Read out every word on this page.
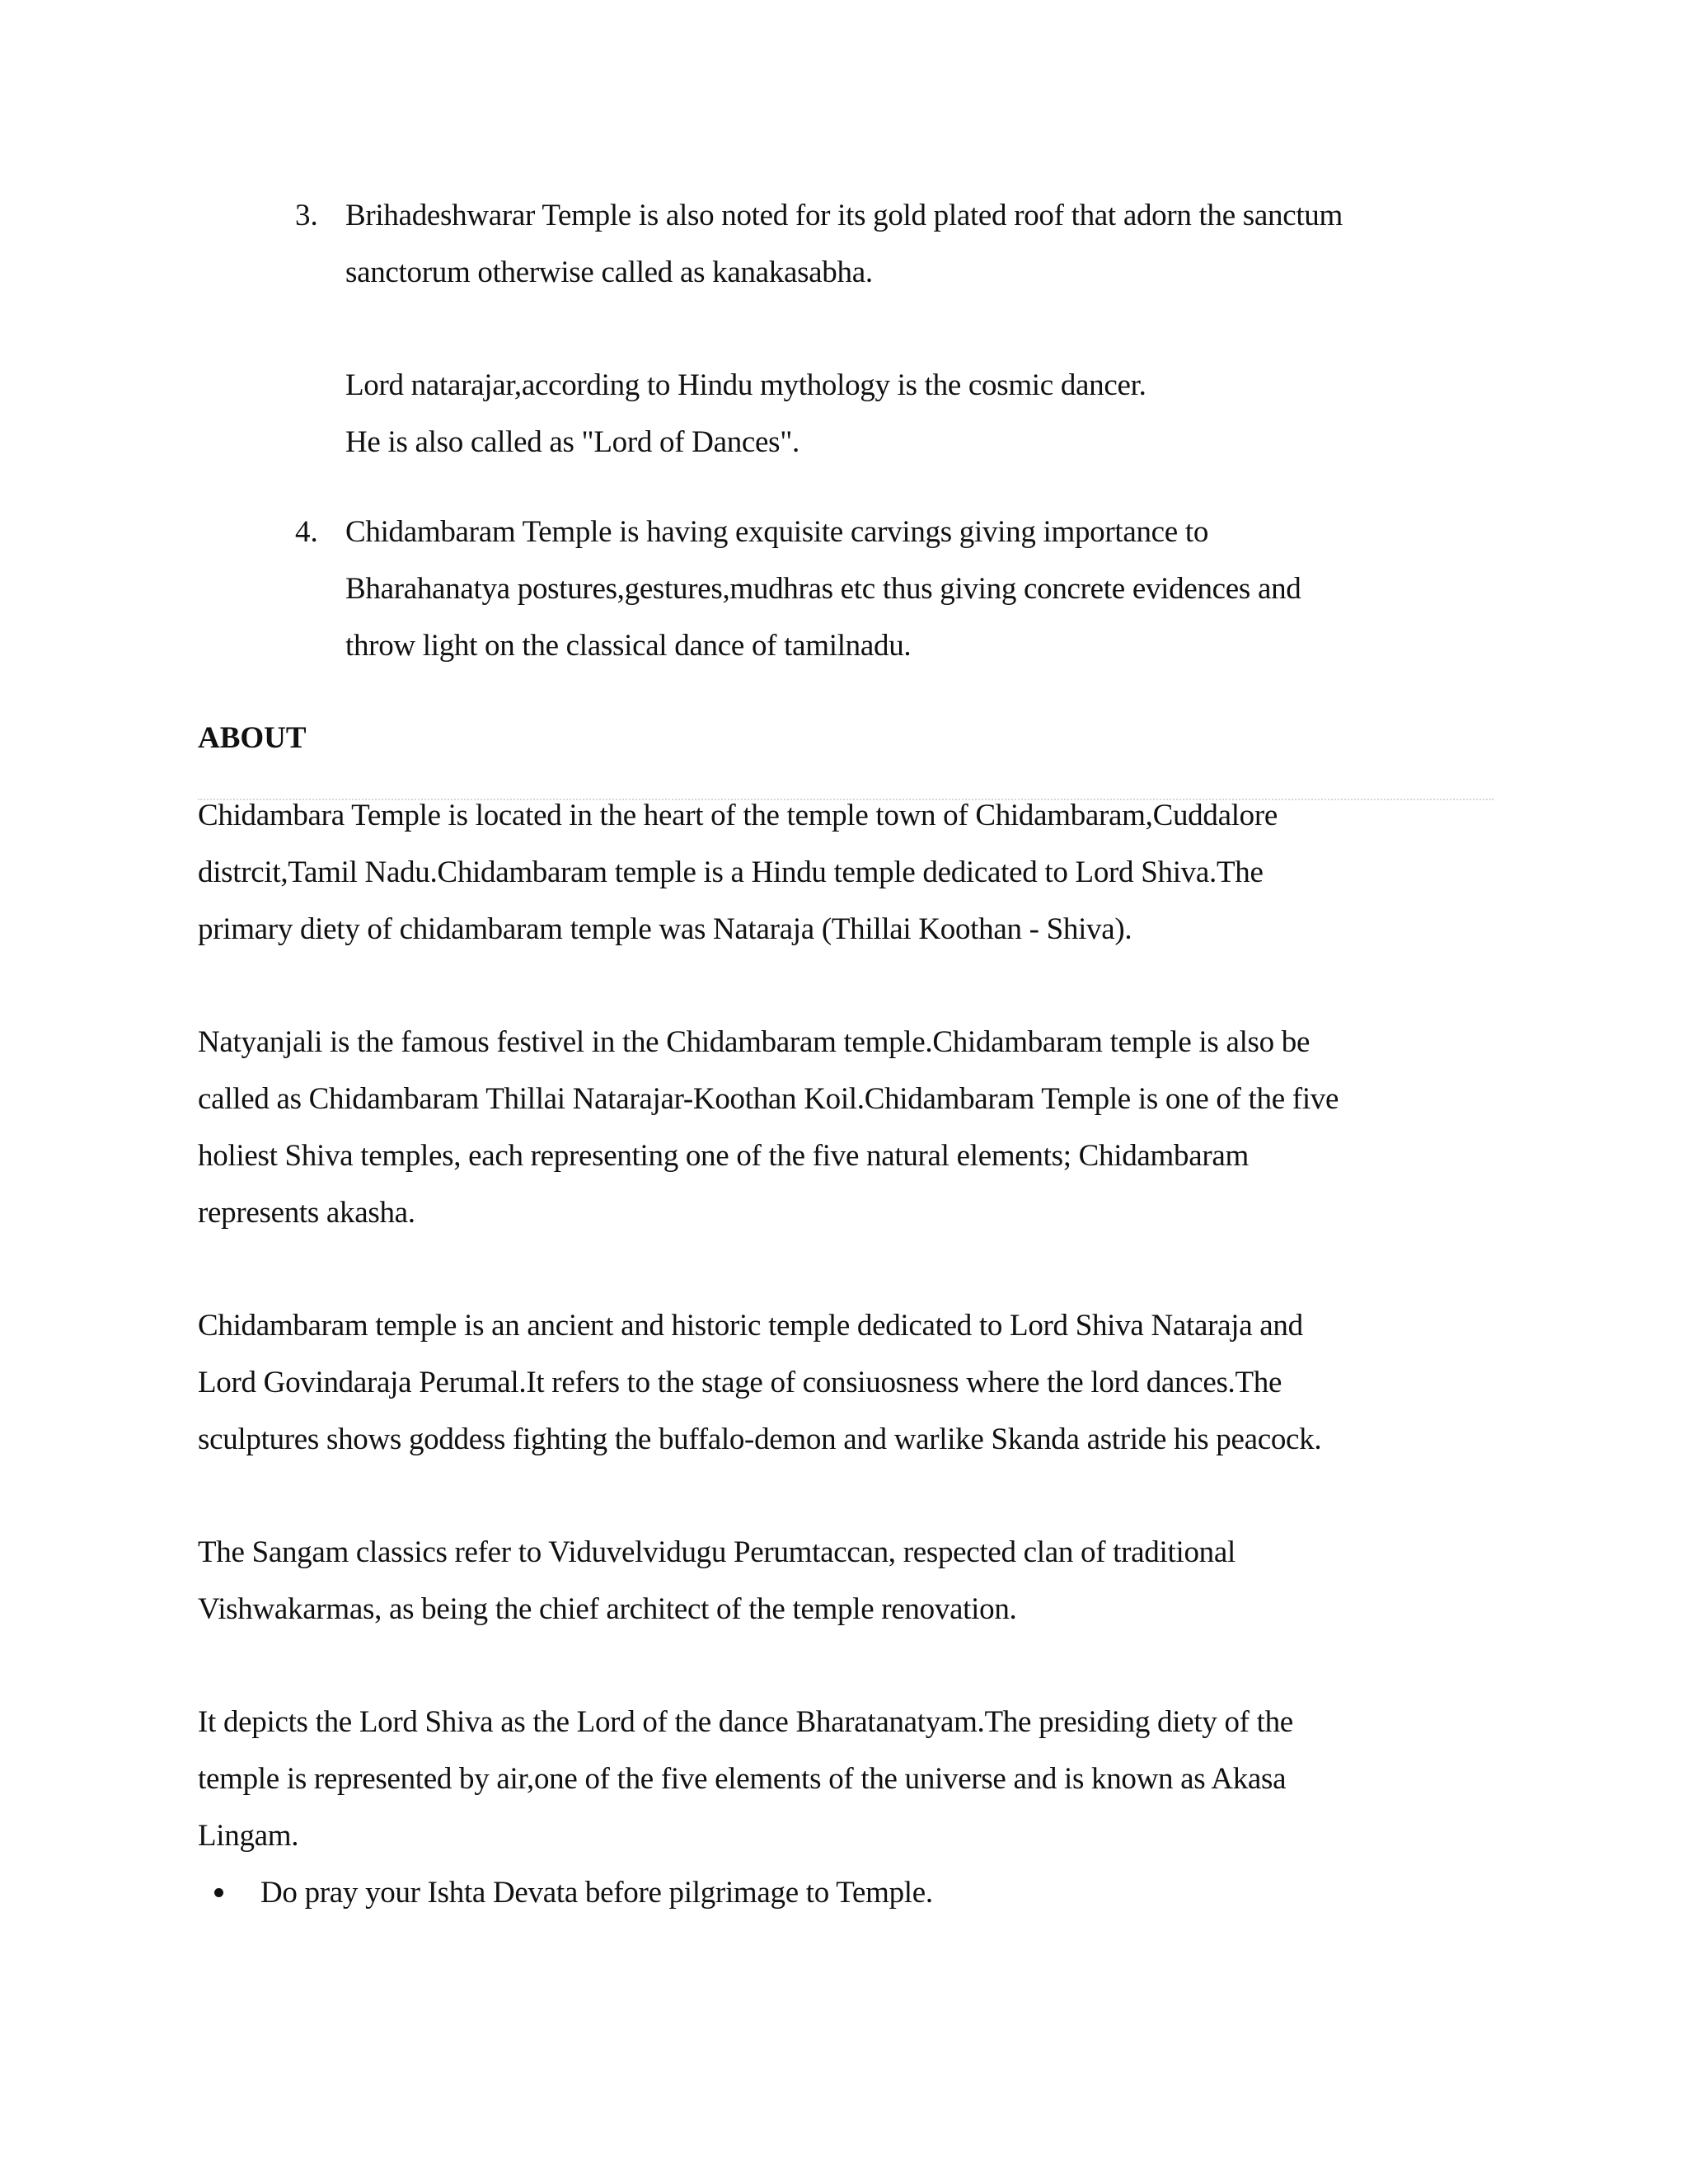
3. Brihadeshwarar Temple is also noted for its gold plated roof that adorn the sanctum
sanctorum otherwise called as kanakasabha.
Lord natarajar,according to Hindu mythology is the cosmic dancer.
He is also called as "Lord of Dances".
4. Chidambaram Temple is having exquisite carvings giving importance to
Bharahanatya postures,gestures,mudhras etc thus giving concrete evidences and
throw light on the classical dance of tamilnadu.
ABOUT
Chidambara Temple is located in the heart of the temple town of Chidambaram,Cuddalore
distrcit,Tamil Nadu.Chidambaram temple is a Hindu temple dedicated to Lord Shiva.The
primary diety of chidambaram temple was Nataraja (Thillai Koothan - Shiva).
Natyanjali is the famous festivel in the Chidambaram temple.Chidambaram temple is also be
called as Chidambaram Thillai Natarajar-Koothan Koil.Chidambaram Temple is one of the five
holiest Shiva temples, each representing one of the five natural elements; Chidambaram
represents akasha.
Chidambaram temple is an ancient and historic temple dedicated to Lord Shiva Nataraja and
Lord Govindaraja Perumal.It refers to the stage of consiuosness where the lord dances.The
sculptures shows goddess fighting the buffalo-demon and warlike Skanda astride his peacock.
The Sangam classics refer to Viduvelvidugu Perumtaccan, respected clan of traditional
Vishwakarmas, as being the chief architect of the temple renovation.
It depicts the Lord Shiva as the Lord of the dance Bharatanatyam.The presiding diety of the
temple is represented by air,one of the five elements of the universe and is known as Akasa
Lingam.
Do pray your Ishta Devata before pilgrimage to Temple.
